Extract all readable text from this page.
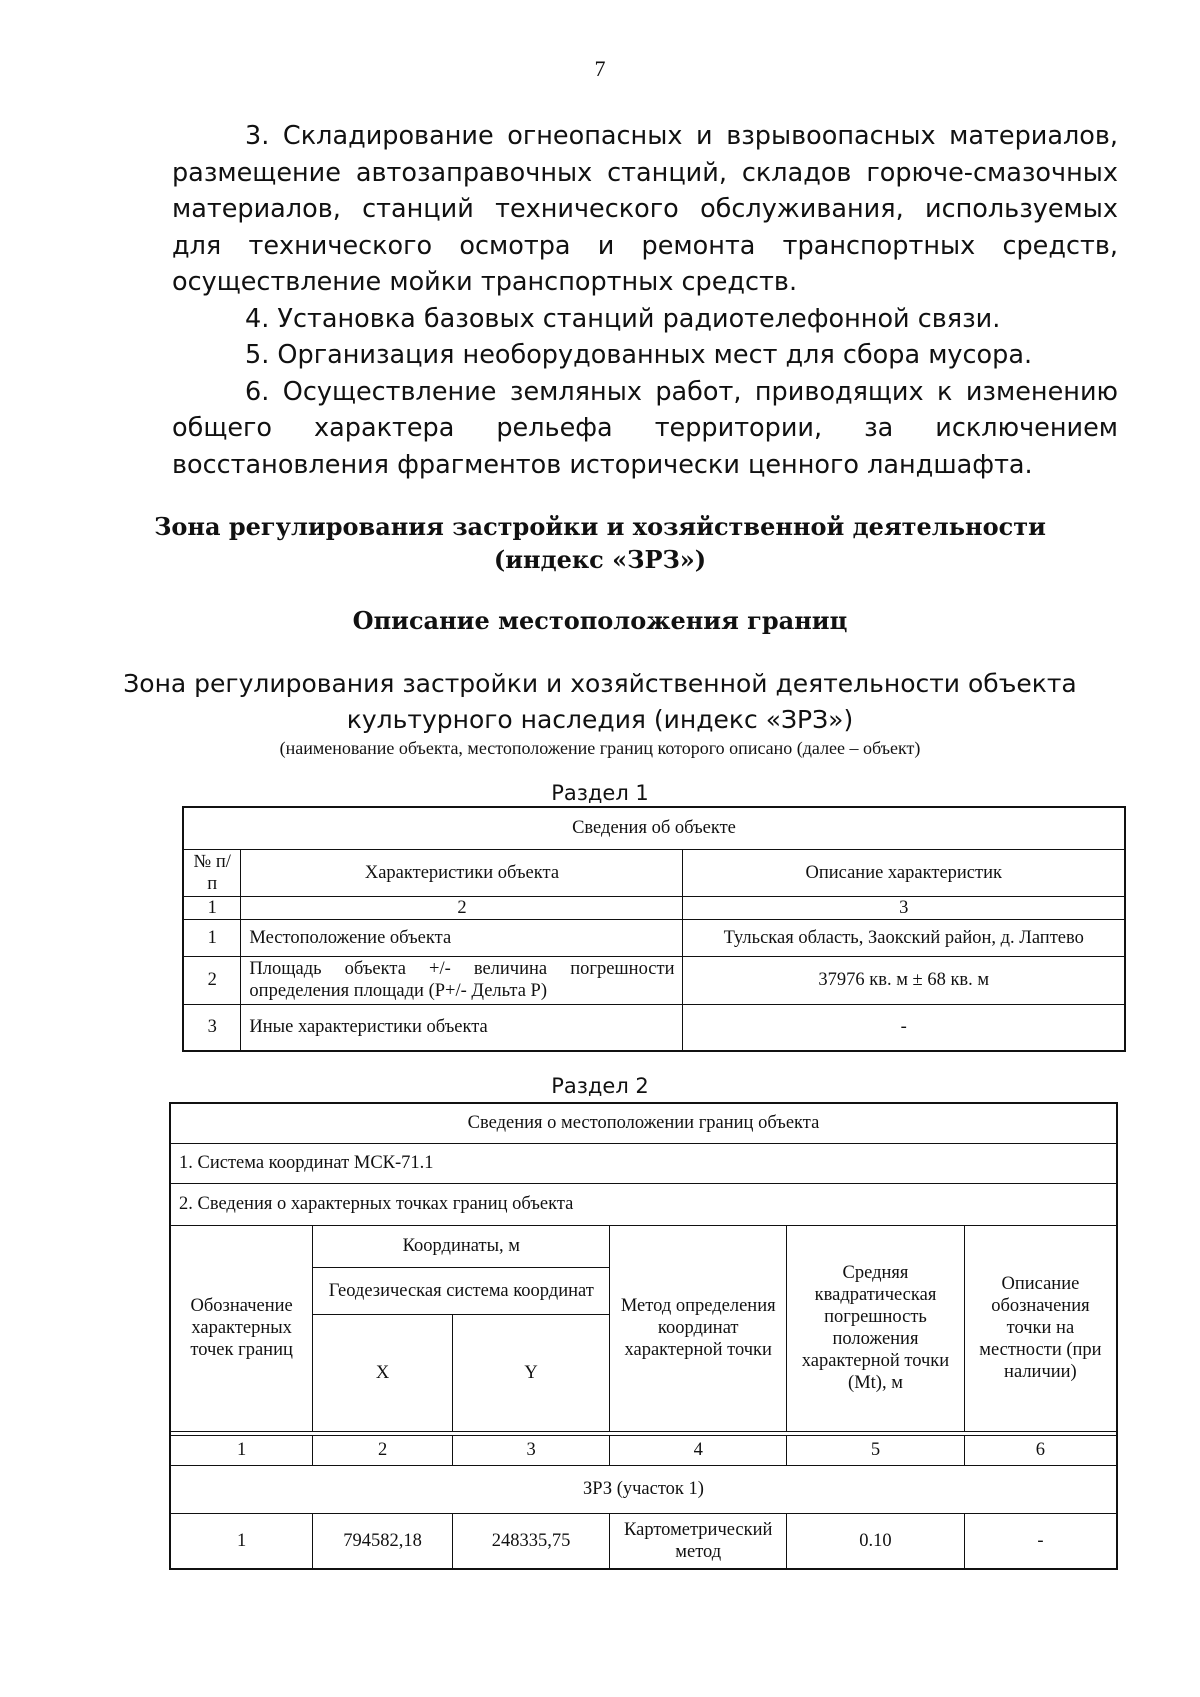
7

3. Складирование огнеопасных и взрывоопасных материалов, размещение автозаправочных станций, складов горюче-смазочных материалов, станций технического обслуживания, используемых для технического осмотра и ремонта транспортных средств, осуществление мойки транспортных средств.

4. Установка базовых станций радиотелефонной связи.

5. Организация необорудованных мест для сбора мусора.

6. Осуществление земляных работ, приводящих к изменению общего характера рельефа территории, за исключением восстановления фрагментов исторически ценного ландшафта.

Зона регулирования застройки и хозяйственной деятельности
(индекс «ЗРЗ»)
Описание местоположения границ
Зона регулирования застройки и хозяйственной деятельности объекта
культурного наследия (индекс «ЗРЗ»)
(наименование объекта, местоположение границ которого описано (далее – объект)
Раздел 1
Сведения об объекте		
№ п/п	Характеристики объекта	Описание характеристик
1	2	3
1	Местоположение объекта	Тульская область, Заокский район, д. Лаптево
2	Площадь объекта +/- величина погрешности определения площади (Р+/- Дельта Р)	37976 кв. м ± 68 кв. м
3	Иные характеристики объекта	-
Раздел 2
Сведения о местоположении границ объекта					
1. Система координат МСК-71.1					
2. Сведения о характерных точках границ объекта					
Обозначение характерных точек границ	Координаты, м		Метод определения координат характерной точки	Средняя квадратическая погрешность положения характерной точки (Mt), м	Описание обозначения точки на местности (при наличии)
	Геодезическая система координат				
	X	Y			

1	2	3	4	5	6
ЗРЗ (участок 1)					
1	794582,18	248335,75	Картометрический метод	0.10	-
